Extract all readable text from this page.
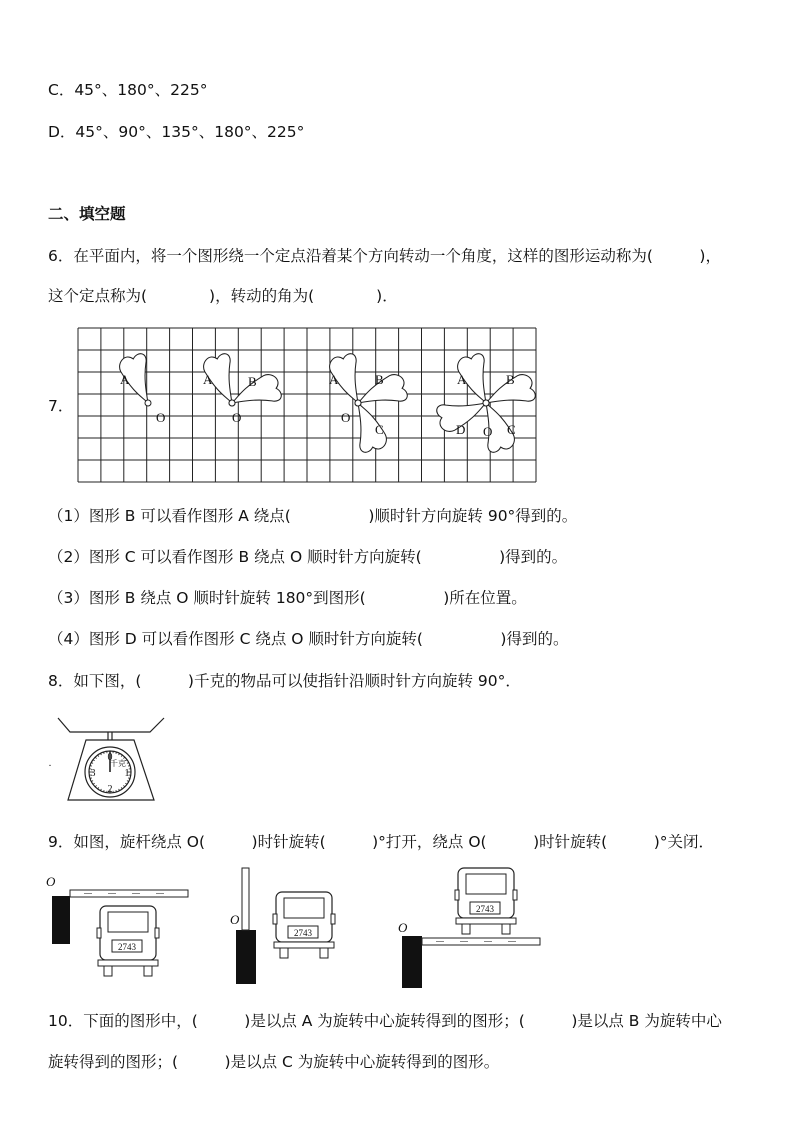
C．45°、180°、225°
D．45°、90°、135°、180°、225°
二、填空题
6．在平面内，将一个图形绕一个定点沿着某个方向转动一个角度，这样的图形运动称为(　　　)，
这个定点称为(　　　　)，转动的角为(　　　　)．
7．
A
O
A	B
O
A	B
C
O
A	B
C
D O
（1）图形 B 可以看作图形 A 绕点(　　　　　)顺时针方向旋转 90°得到的。
（2）图形 C 可以看作图形 B 绕点 O 顺时针方向旋转(　　　　　)得到的。
（3）图形 B 绕点 O 顺时针旋转 180°到图形(　　　　　)所在位置。
（4）图形 D 可以看作图形 C 绕点 O 顺时针方向旋转(　　　　　)得到的。
8．如下图，(　　　)千克的物品可以使指针沿顺时针方向旋转 90°．
0
1
2
3
千克
.
9．如图，旋杆绕点 O(　　　)时针旋转(　　　)°打开，绕点 O(　　　)时针旋转(　　　)°关闭．
O
2743
O
2743	O
2743
10．下面的图形中，(　　　)是以点 A 为旋转中心旋转得到的图形；(　　　)是以点 B 为旋转中心
旋转得到的图形；(　　　)是以点 C 为旋转中心旋转得到的图形。
